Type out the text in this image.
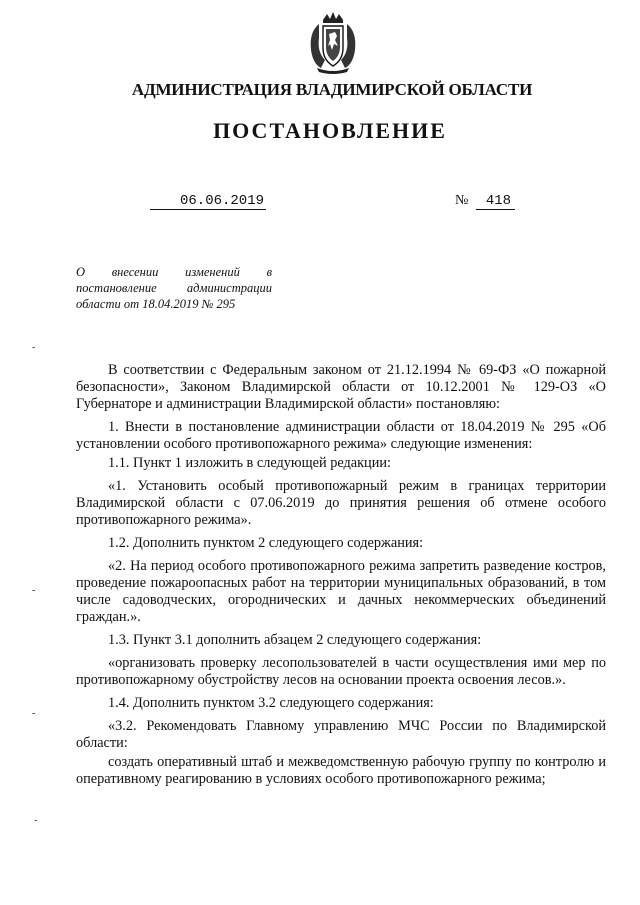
АДМИНИСТРАЦИЯ ВЛАДИМИРСКОЙ ОБЛАСТИ
ПОСТАНОВЛЕНИЕ
06.06.2019	№ 418
О внесении изменений в постановление администрации области от 18.04.2019 № 295

В соответствии с Федеральным законом от 21.12.1994 № 69-ФЗ «О пожарной безопасности», Законом Владимирской области от 10.12.2001 № 129-ОЗ «О Губернаторе и администрации Владимирской области» постановляю:

1. Внести в постановление администрации области от 18.04.2019 № 295 «Об установлении особого противопожарного режима» следующие изменения:

1.1. Пункт 1 изложить в следующей редакции:

«1. Установить особый противопожарный режим в границах территории Владимирской области с 07.06.2019 до принятия решения об отмене особого противопожарного режима».

1.2. Дополнить пунктом 2 следующего содержания:

«2. На период особого противопожарного режима запретить разведение костров, проведение пожароопасных работ на территории муниципальных образований, в том числе садоводческих, огороднических и дачных некоммерческих объединений граждан.».

1.3. Пункт 3.1 дополнить абзацем 2 следующего содержания:

«организовать проверку лесопользователей в части осуществления ими мер по противопожарному обустройству лесов на основании проекта освоения лесов.».

1.4. Дополнить пунктом 3.2 следующего содержания:

«3.2. Рекомендовать Главному управлению МЧС России по Владимирской области:

создать оперативный штаб и межведомственную рабочую группу по контролю и оперативному реагированию в условиях особого противопожарного режима;

-
-
-
-
